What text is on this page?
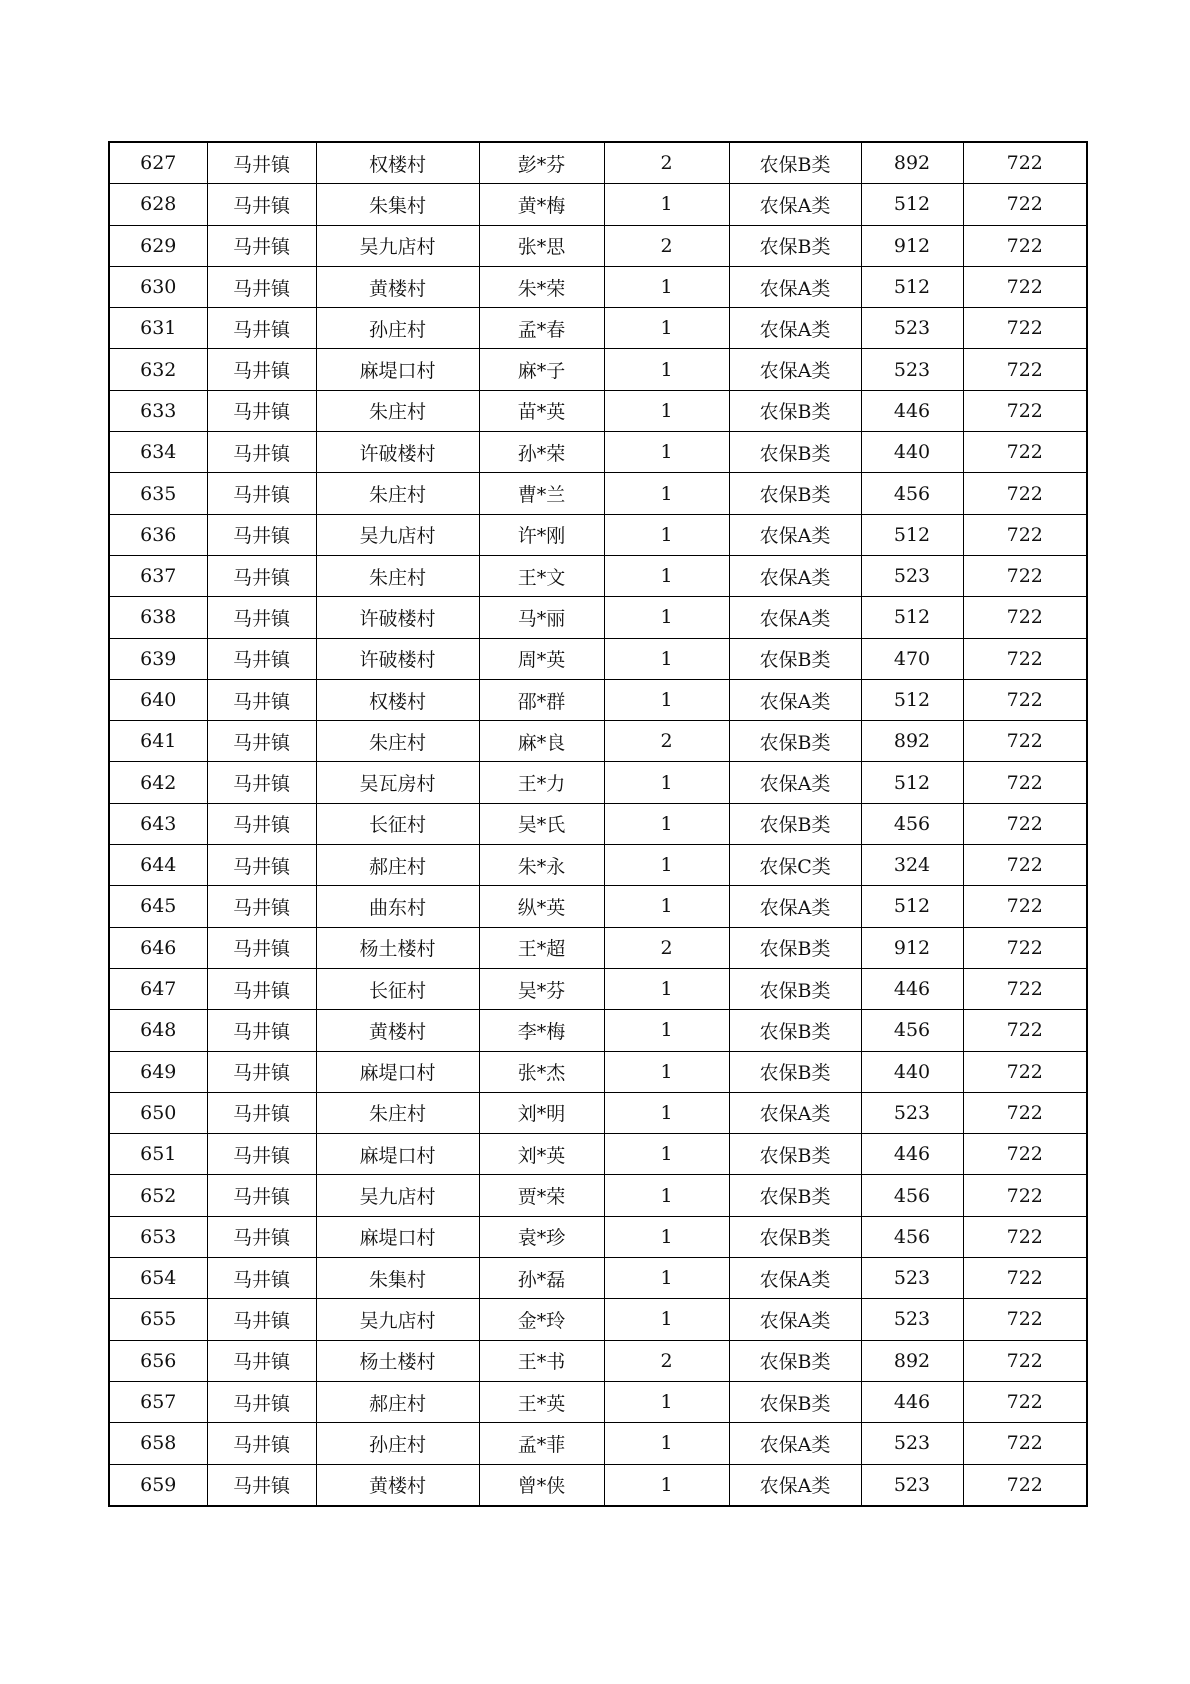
627	马井镇	权楼村	彭*芬	2	农保B类	892	722
628	马井镇	朱集村	黄*梅	1	农保A类	512	722
629	马井镇	吴九店村	张*思	2	农保B类	912	722
630	马井镇	黄楼村	朱*荣	1	农保A类	512	722
631	马井镇	孙庄村	孟*春	1	农保A类	523	722
632	马井镇	麻堤口村	麻*子	1	农保A类	523	722
633	马井镇	朱庄村	苗*英	1	农保B类	446	722
634	马井镇	许破楼村	孙*荣	1	农保B类	440	722
635	马井镇	朱庄村	曹*兰	1	农保B类	456	722
636	马井镇	吴九店村	许*刚	1	农保A类	512	722
637	马井镇	朱庄村	王*文	1	农保A类	523	722
638	马井镇	许破楼村	马*丽	1	农保A类	512	722
639	马井镇	许破楼村	周*英	1	农保B类	470	722
640	马井镇	权楼村	邵*群	1	农保A类	512	722
641	马井镇	朱庄村	麻*良	2	农保B类	892	722
642	马井镇	吴瓦房村	王*力	1	农保A类	512	722
643	马井镇	长征村	吴*氏	1	农保B类	456	722
644	马井镇	郝庄村	朱*永	1	农保C类	324	722
645	马井镇	曲东村	纵*英	1	农保A类	512	722
646	马井镇	杨土楼村	王*超	2	农保B类	912	722
647	马井镇	长征村	吴*芬	1	农保B类	446	722
648	马井镇	黄楼村	李*梅	1	农保B类	456	722
649	马井镇	麻堤口村	张*杰	1	农保B类	440	722
650	马井镇	朱庄村	刘*明	1	农保A类	523	722
651	马井镇	麻堤口村	刘*英	1	农保B类	446	722
652	马井镇	吴九店村	贾*荣	1	农保B类	456	722
653	马井镇	麻堤口村	袁*珍	1	农保B类	456	722
654	马井镇	朱集村	孙*磊	1	农保A类	523	722
655	马井镇	吴九店村	金*玲	1	农保A类	523	722
656	马井镇	杨土楼村	王*书	2	农保B类	892	722
657	马井镇	郝庄村	王*英	1	农保B类	446	722
658	马井镇	孙庄村	孟*菲	1	农保A类	523	722
659	马井镇	黄楼村	曾*侠	1	农保A类	523	722
